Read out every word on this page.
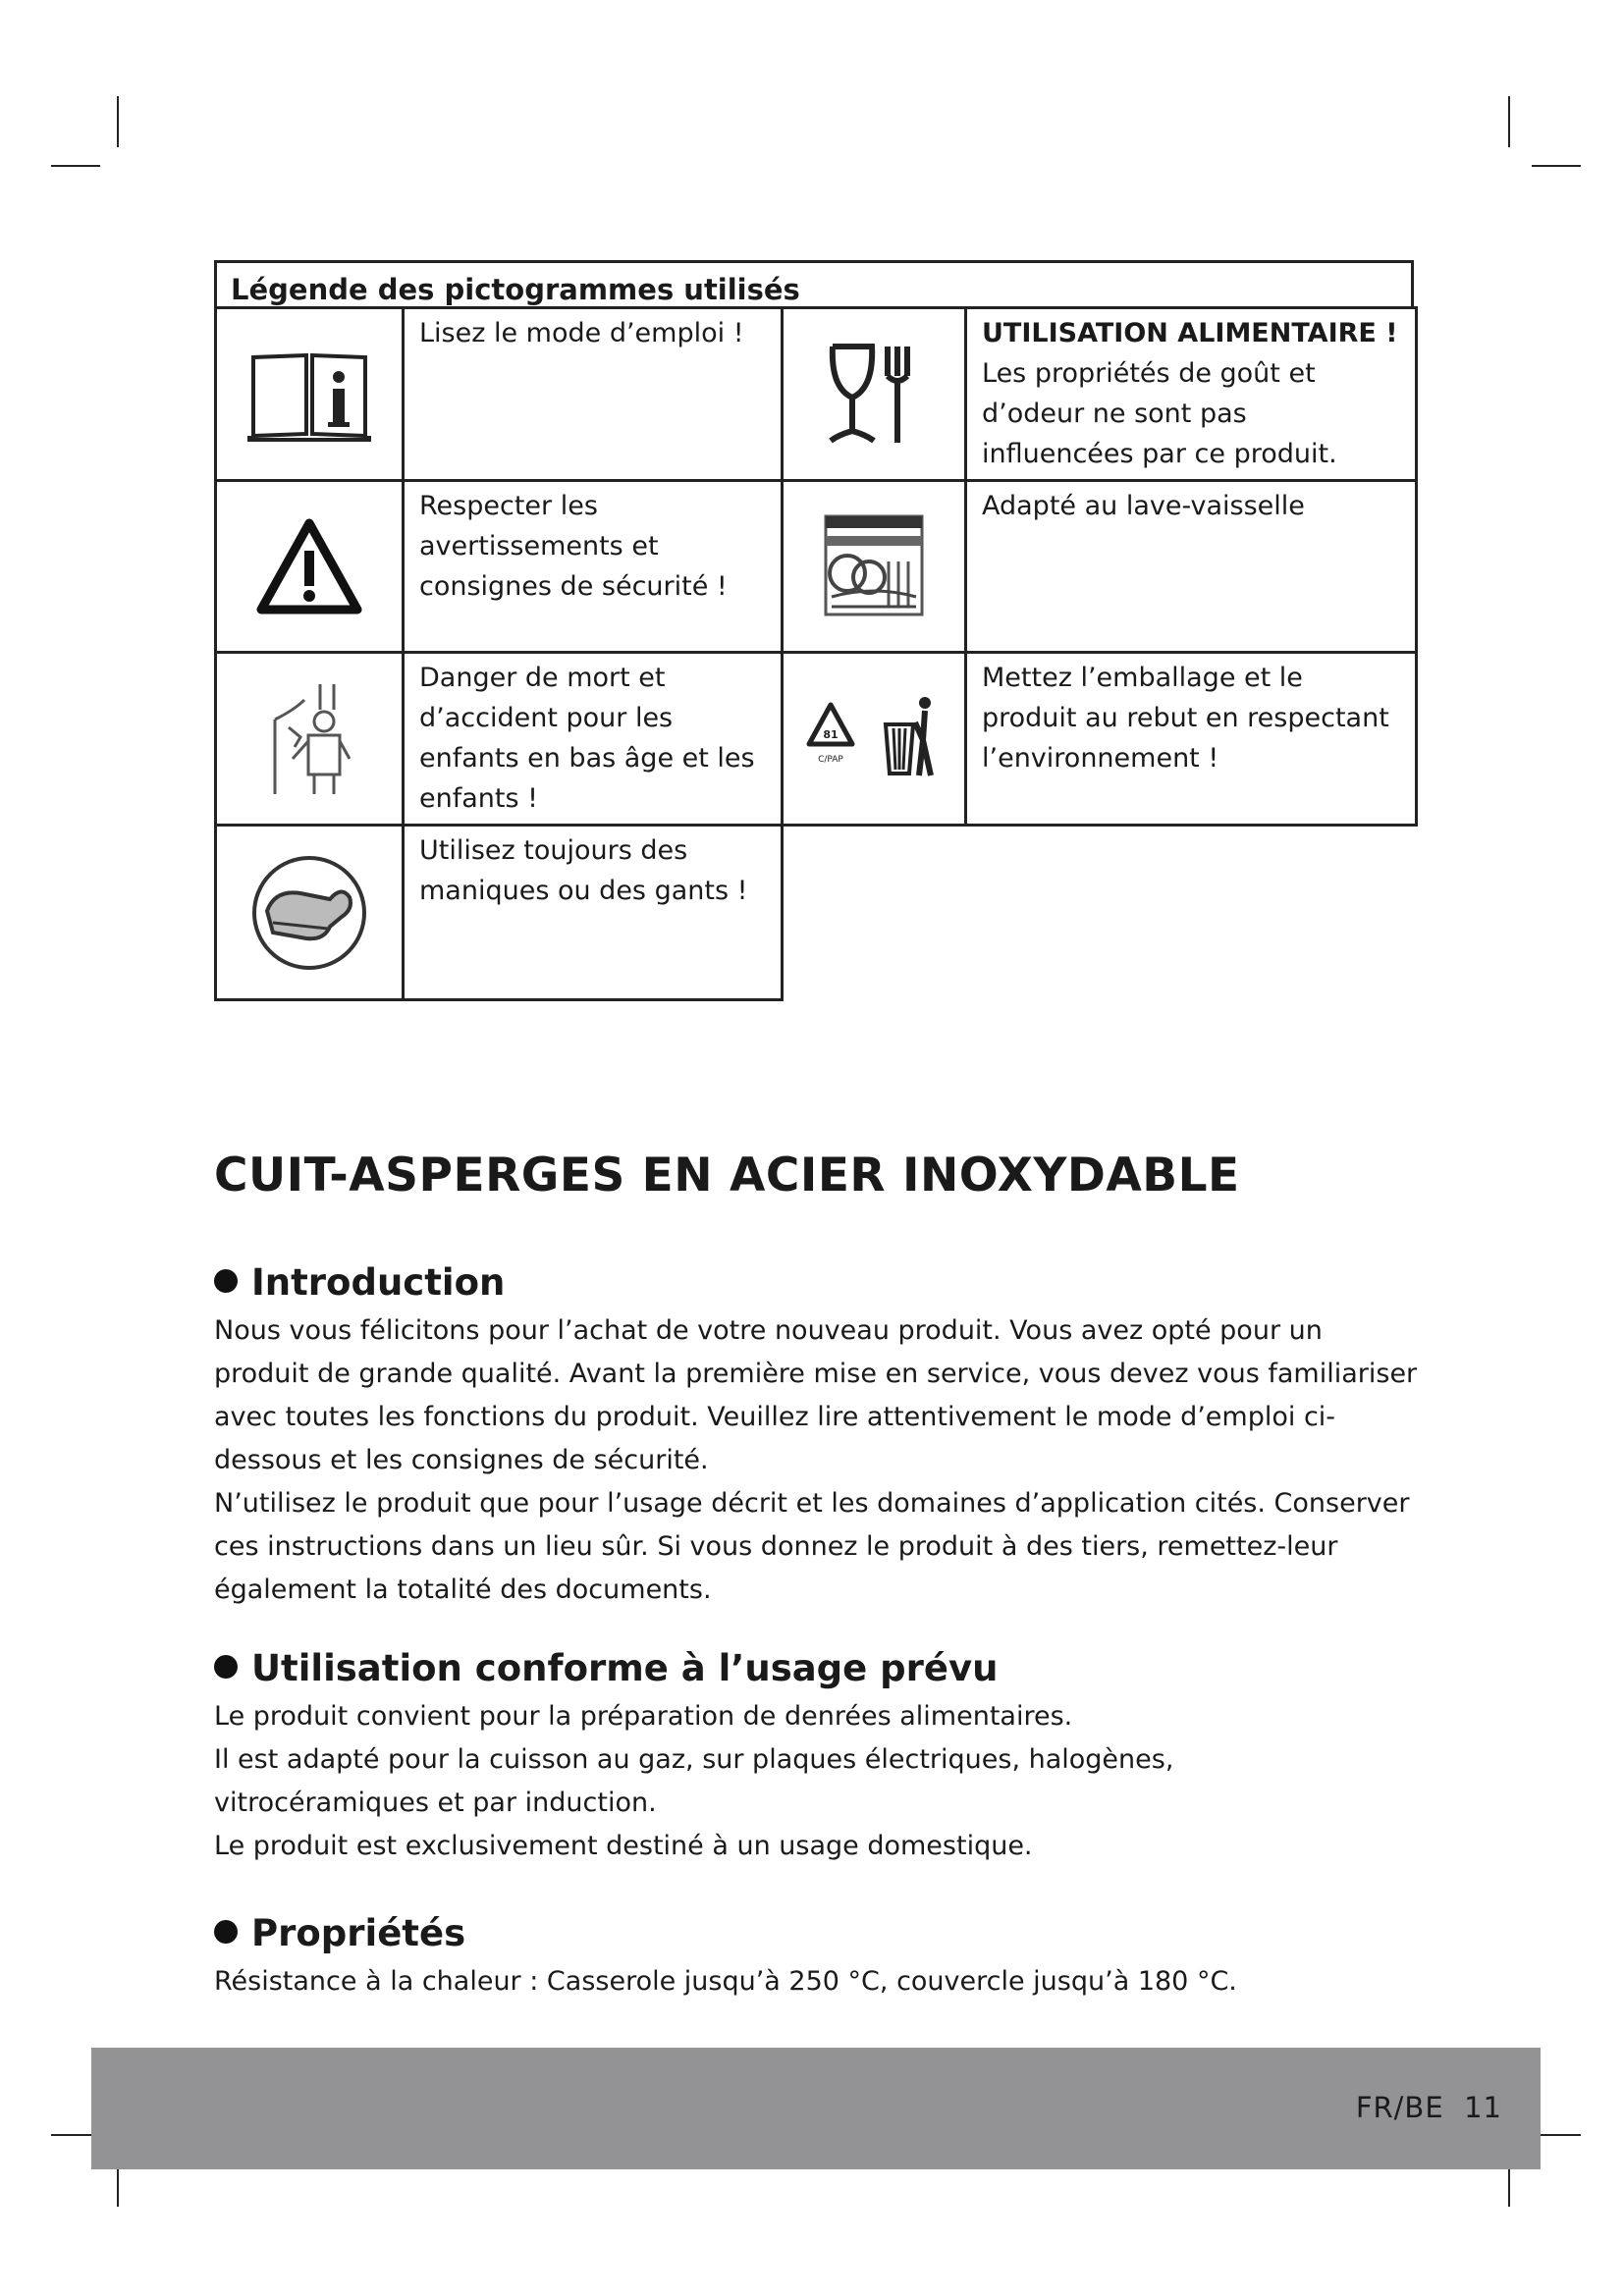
Légende des pictogrammes utilisés
Lisez le mode d’emploi !	UTILISATION ALIMENTAIRE !
Les propriétés de goût et d’odeur ne sont pas influencées par ce produit.
Respecter les avertissements et consignes de sécurité !
Adapté au lave-vaisselle
Danger de mort et d’accident pour les enfants en bas âge et les enfants !
81
C/PAP
Mettez l’emballage et le produit au rebut en respectant l’environnement !
Utilisez toujours des maniques ou des gants !
CUIT-ASPERGES EN ACIER INOXYDABLE
Introduction

Nous vous félicitons pour l’achat de votre nouveau produit. Vous avez opté pour un produit de grande qualité. Avant la première mise en service, vous devez vous familiariser avec toutes les fonctions du produit. Veuillez lire attentivement le mode d’emploi ci-dessous et les consignes de sécurité.

N’utilisez le produit que pour l’usage décrit et les domaines d’application cités. Conserver ces instructions dans un lieu sûr. Si vous donnez le produit à des tiers, remettez-leur également la totalité des documents.

Utilisation conforme à l’usage prévu

Le produit convient pour la préparation de denrées alimentaires.

Il est adapté pour la cuisson au gaz, sur plaques électriques, halogènes, vitrocéramiques et par induction.

Le produit est exclusivement destiné à un usage domestique.

Propriétés

Résistance à la chaleur : Casserole jusqu’à 250 °C, couvercle jusqu’à 180 °C.

FR/BE  11
